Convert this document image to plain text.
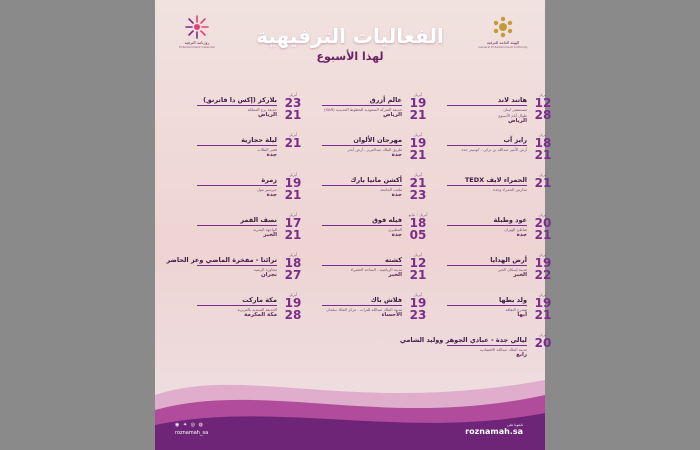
روزنامة الترفيه
Entertainment Calendar
الهيئة العامة للترفيه
General Entertainment Authority
الفعاليات الترفيهية
لهذا الأسبوع
أبريل
12
28
هاتند لاند
مستشفى لبنان
طوال أيام الأسبوع
الرياض
أبريل
18
21
رايز آب
أرض الأمير عبدالله بن تركي - كونتينر جدة
أبريل
21
الحمراء لايف TEDX
مدارس الحمراء وجدة
أبريل
20
21
عود وطبلة
شاطئ الهيران
جدة
أبريل
19
22
أرض الهدايا
مدينة إسكان الخبر
الخبر
أبريل
19
21
ولد بطها
مسرح الثقافة
أبها
أبريل
20
ليالي جدة - عبادي الجوهر ووليد الشامي
مدينة الملك عبدالله الاقتصادية
رابغ
أبريل
19
21
عالم أزرق
حديقة الشركة السعودية للخطوط الحديدية (SAR)
الرياض
أبريل
19
21
مهرجان الألوان
طريق الملك عبدالعزيز - أرض أبحر
جدة
أبريل
21
23
أكشن مانيا بارك
ملعب الجامعة
جدة
أبريل - مايو
18
05
فيله فوق
المطيري
جدة
أبريل
12
21
كشته
مدينة الرياضية - الساحة الخضراء
الخبر
أبريل
19
23
فلاش باك
مدينة الملك عبدالله للتراث - مركز الملك سلمان
الأحساء
أبريل
23
21
بلاركز (إكس دا فاترنق)
حديقة برج المملكة
الرياض
أبريل
21
ليلة حجازية
قصر الطلات
جدة
أبريل
19
21
زمرة
جيرسيز مول
جدة
أبريل
17
21
نصف القمر
الواجهة البحرية
الخبر
أبريل
18
27
ترائنا - مفخرة الماضي وعز الحاضر
مجاورة الرشيد
نجران
أبريل
19
28
مكة ماركت
الحديقة السندية بالعزيزية
مكة المكرمة
◉ ✦ ◎ ◍
roznamah_sa
تابعونا على
roznamah.sa
